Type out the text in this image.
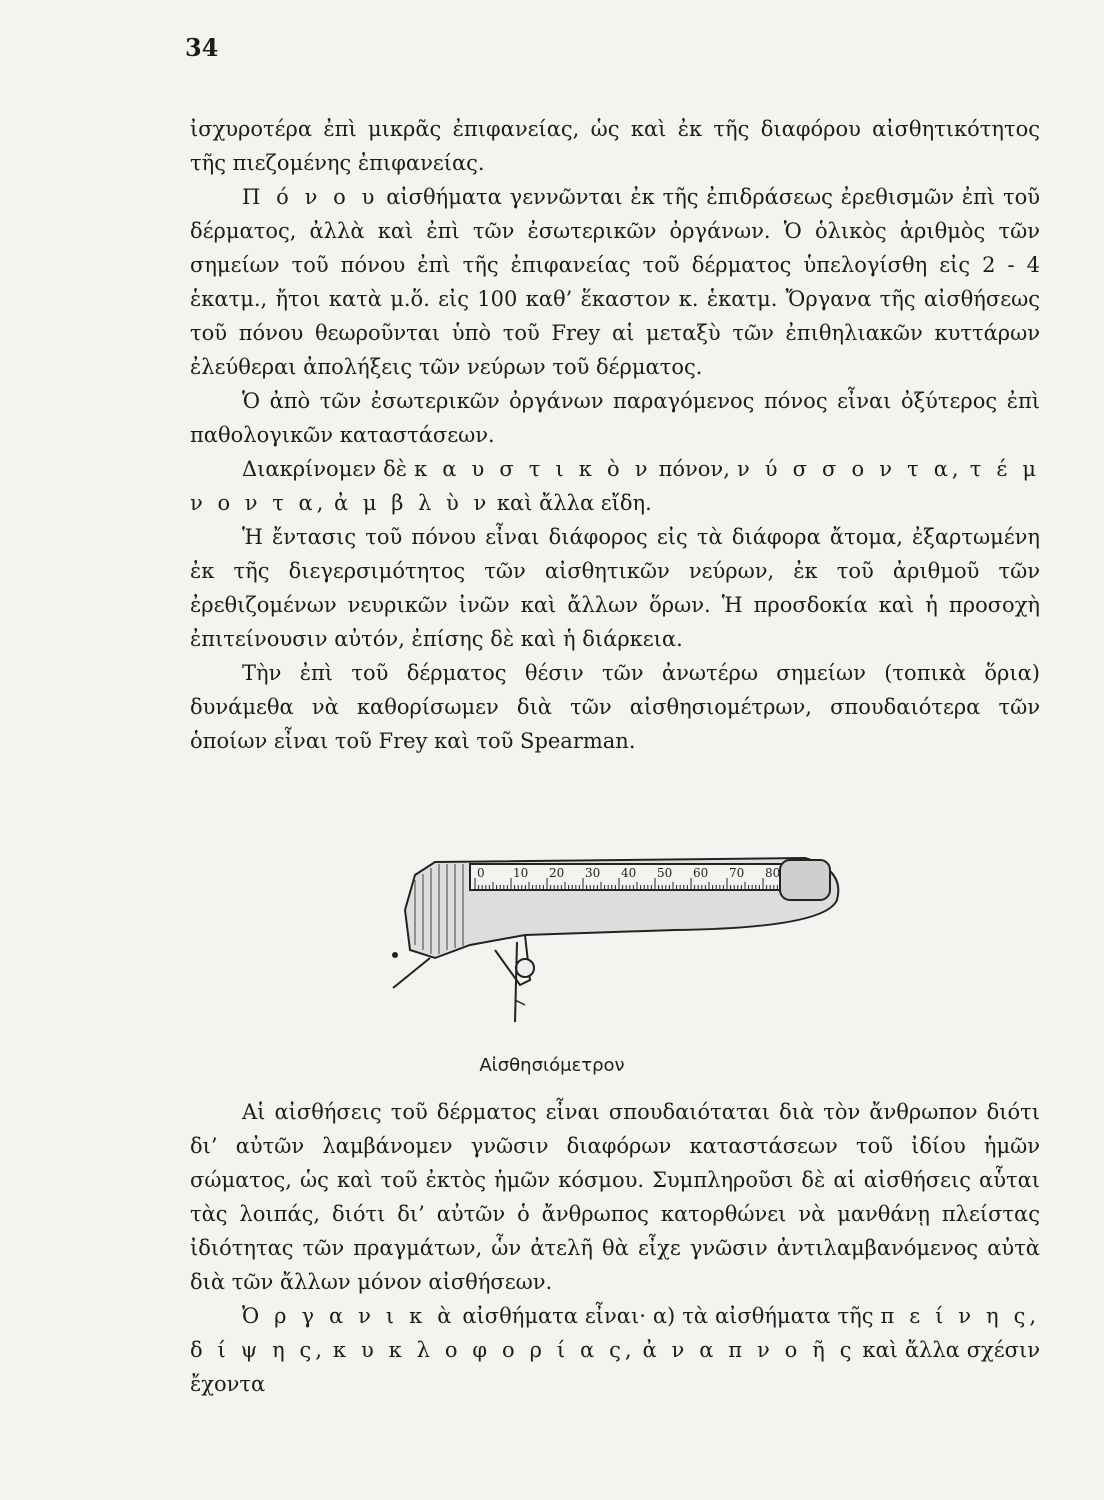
34

ἰσχυροτέρα ἐπὶ μικρᾶς ἐπιφανείας, ὡς καὶ ἐκ τῆς διαφόρου αἰσθητικότητος τῆς πιεζομένης ἐπιφανείας.

Π ό ν ο υ αἰσθήματα γεννῶνται ἐκ τῆς ἐπιδράσεως ἐρεθισμῶν ἐπὶ τοῦ δέρματος, ἀλλὰ καὶ ἐπὶ τῶν ἐσωτερικῶν ὀργάνων. Ὁ ὁλικὸς ἀριθμὸς τῶν σημείων τοῦ πόνου ἐπὶ τῆς ἐπιφανείας τοῦ δέρματος ὑπελογίσθη εἰς 2 - 4 ἑκατμ., ἤτοι κατὰ μ.ὅ. εἰς 100 καθ’ ἕκαστον κ. ἑκατμ. Ὄργανα τῆς αἰσθήσεως τοῦ πόνου θεωροῦνται ὑπὸ τοῦ Frey αἱ μεταξὺ τῶν ἐπιθηλιακῶν κυττάρων ἐλεύθεραι ἀπολήξεις τῶν νεύρων τοῦ δέρματος.

Ὁ ἀπὸ τῶν ἐσωτερικῶν ὀργάνων παραγόμενος πόνος εἶναι ὀξύτερος ἐπὶ παθολογικῶν καταστάσεων.

Διακρίνομεν δὲ κ α υ σ τ ι κ ὸ ν πόνον, ν ύ σ σ ο ν τ α, τ έ μ ν ο ν τ α, ἀ μ β λ ὺ ν καὶ ἄλλα εἴδη.

Ἡ ἔντασις τοῦ πόνου εἶναι διάφορος εἰς τὰ διάφορα ἄτομα, ἐξαρτωμένη ἐκ τῆς διεγερσιμότητος τῶν αἰσθητικῶν νεύρων, ἐκ τοῦ ἀριθμοῦ τῶν ἐρεθιζομένων νευρικῶν ἰνῶν καὶ ἄλλων ὅρων. Ἡ προσδοκία καὶ ἡ προσοχὴ ἐπιτείνουσιν αὐτόν, ἐπίσης δὲ καὶ ἡ διάρκεια.

Τὴν ἐπὶ τοῦ δέρματος θέσιν τῶν ἀνωτέρω σημείων (τοπικὰ ὅρια) δυνάμεθα νὰ καθορίσωμεν διὰ τῶν αἰσθησιομέτρων, σπουδαιότερα τῶν ὁποίων εἶναι τοῦ Frey καὶ τοῦ Spearman.

0 10 20 30 40 50 60 70 80
Αἰσθησιόμετρον

Αἱ αἰσθήσεις τοῦ δέρματος εἶναι σπουδαιόταται διὰ τὸν ἄνθρωπον διότι δι’ αὐτῶν λαμβάνομεν γνῶσιν διαφόρων καταστάσεων τοῦ ἰδίου ἡμῶν σώματος, ὡς καὶ τοῦ ἐκτὸς ἡμῶν κόσμου. Συμπληροῦσι δὲ αἱ αἰσθήσεις αὗται τὰς λοιπάς, διότι δι’ αὐτῶν ὁ ἄνθρωπος κατορθώνει νὰ μανθάνῃ πλείστας ἰδιότητας τῶν πραγμάτων, ὧν ἀτελῆ θὰ εἶχε γνῶσιν ἀντιλαμβανόμενος αὐτὰ διὰ τῶν ἄλλων μόνον αἰσθήσεων.

Ὀ ρ γ α ν ι κ ὰ αἰσθήματα εἶναι· α) τὰ αἰσθήματα τῆς π ε ί ν η ς, δ ί ψ η ς, κ υ κ λ ο φ ο ρ ί α ς, ἀ ν α π ν ο ῆ ς καὶ ἄλλα σχέσιν ἔχοντα
